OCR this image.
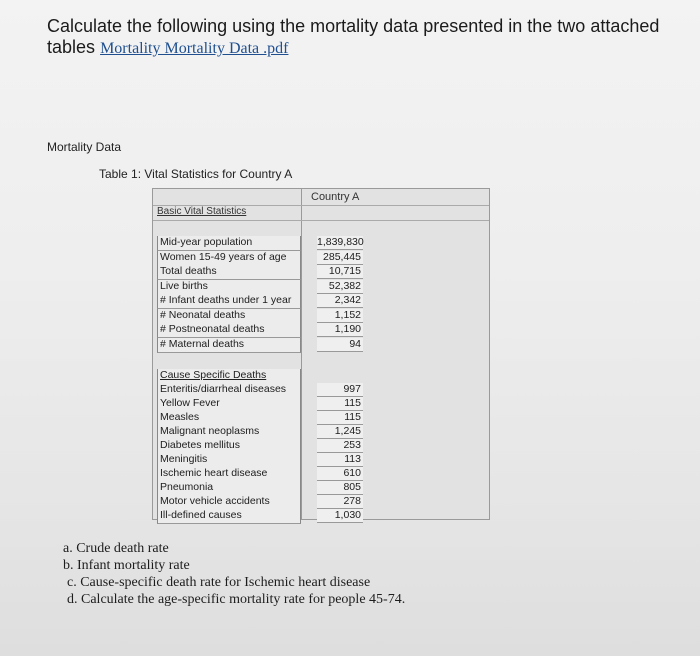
Calculate the following using the mortality data presented in the two attached tables Mortality Mortality Data .pdf
Mortality Data
Table 1: Vital Statistics for Country A
Country A
Basic Vital Statistics
Mid-year population	1,839,830
Women 15-49 years of age	285,445
Total deaths	10,715
Live births	52,382
# Infant deaths under 1 year	2,342
# Neonatal deaths	1,152
# Postneonatal deaths	1,190
# Maternal deaths	94
Cause Specific Deaths
Enteritis/diarrheal diseases	997
Yellow Fever	115
Measles	115
Malignant neoplasms	1,245
Diabetes mellitus	253
Meningitis	113
Ischemic heart disease	610
Pneumonia	805
Motor vehicle accidents	278
Ill-defined causes	1,030
a. Crude death rate
b. Infant mortality rate
c. Cause-specific death rate for Ischemic heart disease
d. Calculate the age-specific mortality rate for people 45-74.
